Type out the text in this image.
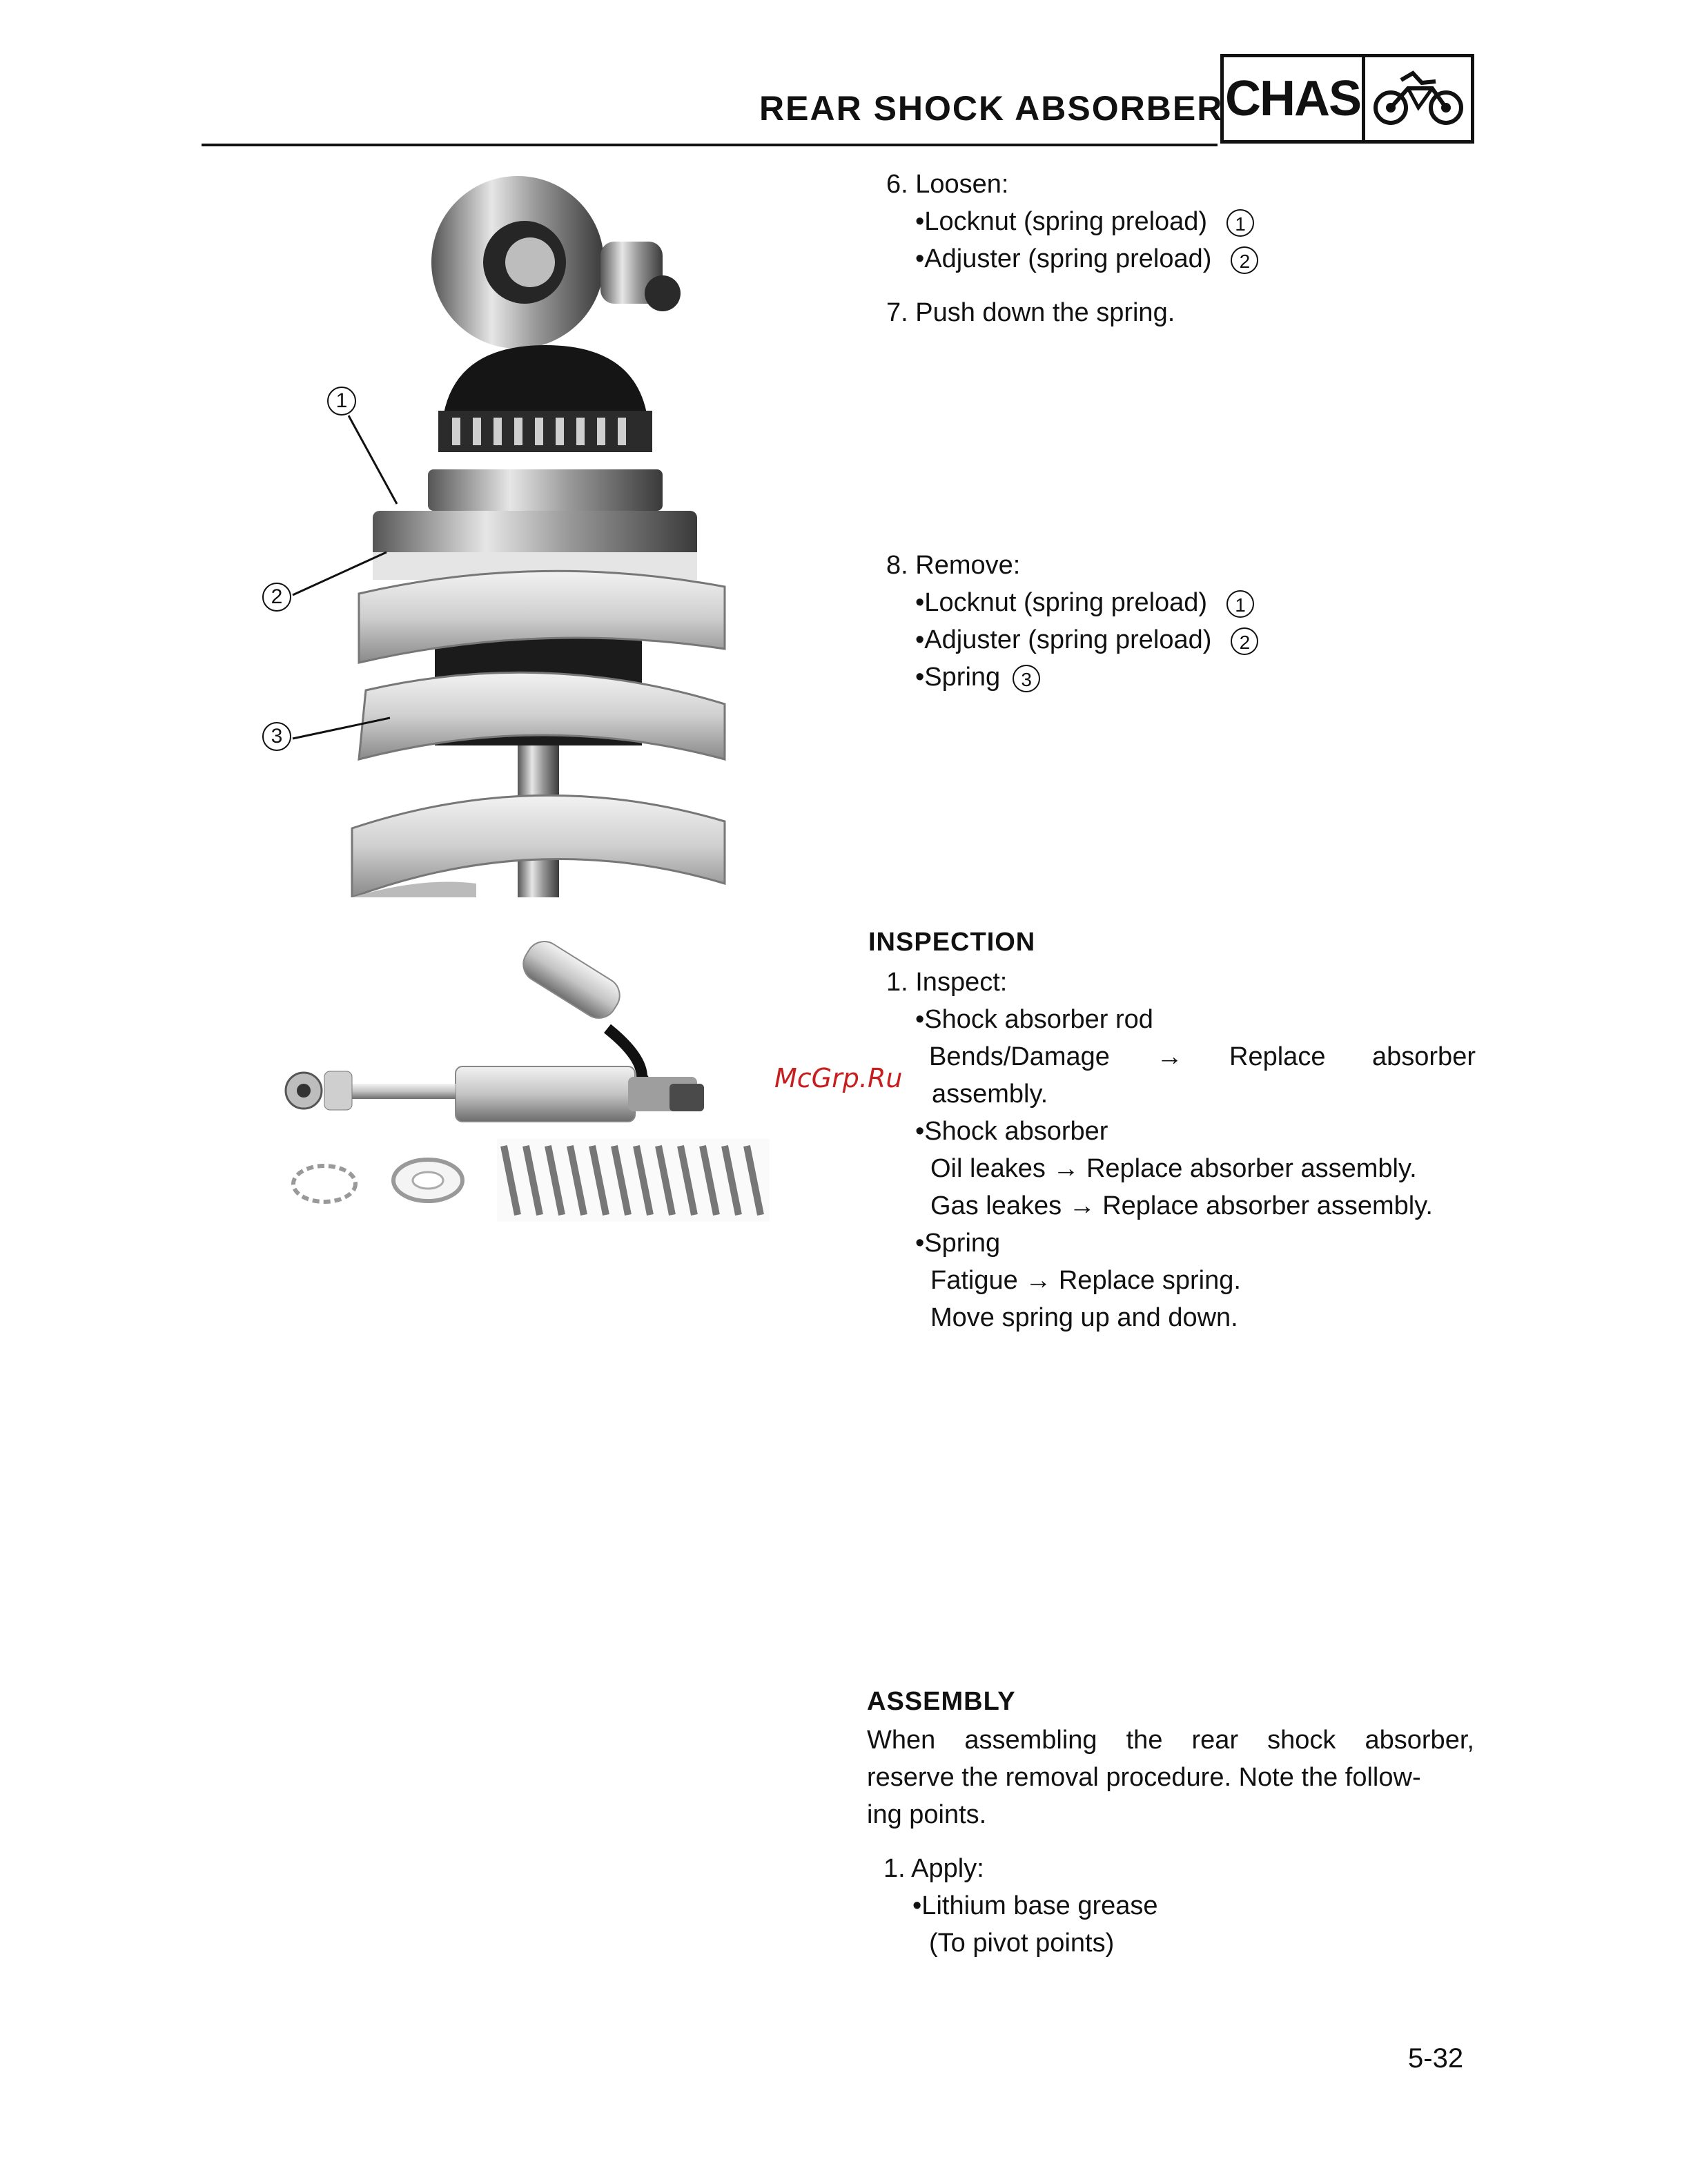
REAR SHOCK ABSORBER CHAS
1
2
3
McGrp.Ru
6. Loosen:
•Locknut (spring preload) 1
•Adjuster (spring preload) 2
7. Push down the spring.
8. Remove:
•Locknut (spring preload) 1
•Adjuster (spring preload) 2
•Spring 3
INSPECTION
1. Inspect:
•Shock absorber rod
Bends/Damage → Replace absorber
assembly.
•Shock absorber
Oil leakes → Replace absorber assembly.
Gas leakes → Replace absorber assembly.
•Spring
Fatigue → Replace spring.
Move spring up and down.
ASSEMBLY
When assembling the rear shock absorber,
reserve the removal procedure. Note the follow-
ing points.
1. Apply:
•Lithium base grease
(To pivot points)
5-32
